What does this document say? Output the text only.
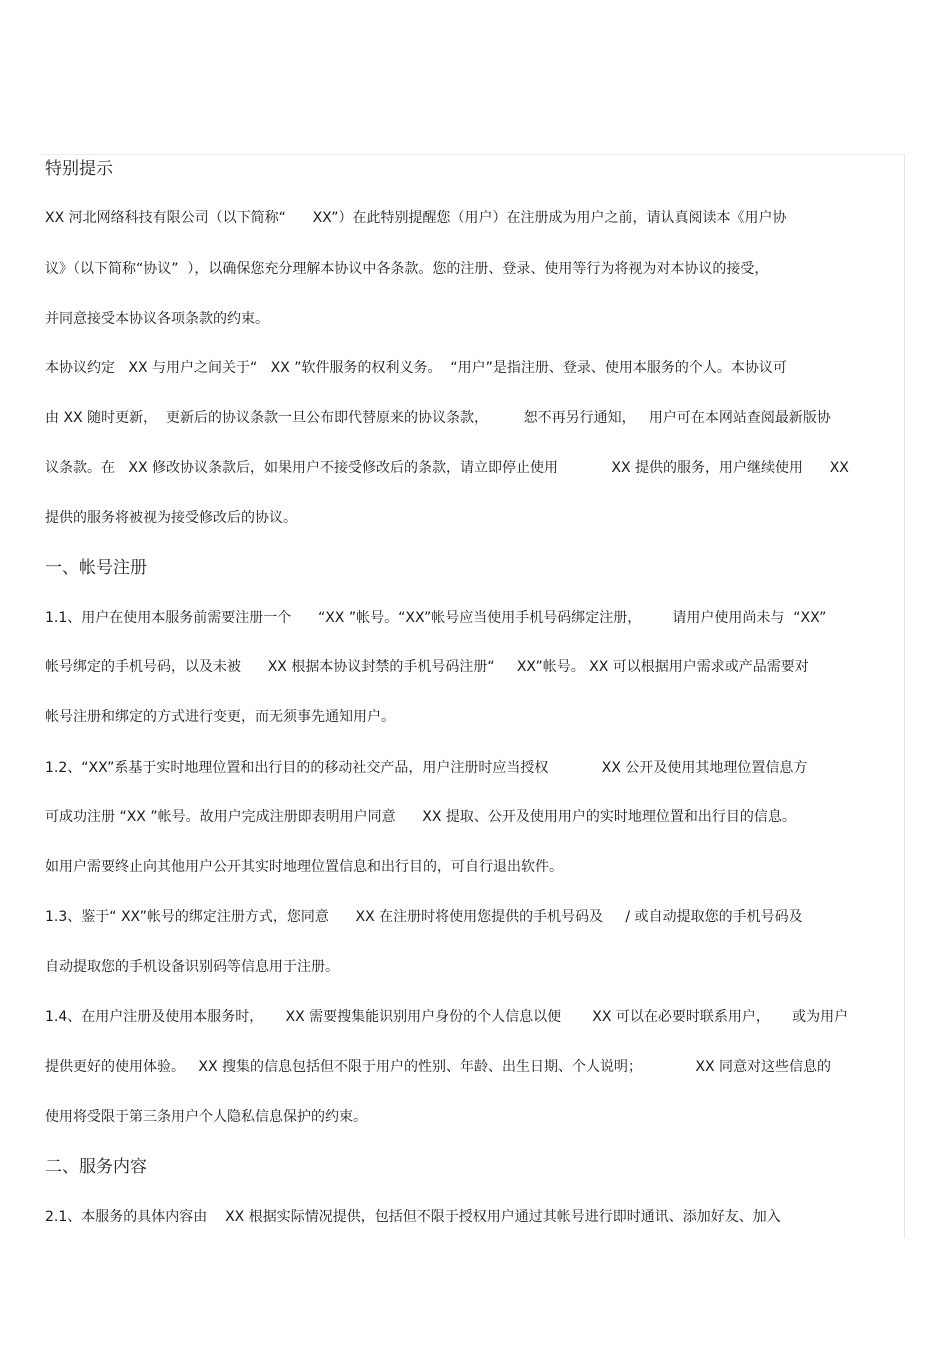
特别提示
XX 河北网络科技有限公司（以下简称“      XX”）在此特别提醒您（用户）在注册成为用户之前，请认真阅读本《用户协
议》（以下简称“协议”  ），以确保您充分理解本协议中各条款。您的注册、登录、使用等行为将视为对本协议的接受，
并同意接受本协议各项条款的约束。
本协议约定   XX 与用户之间关于“   XX ”软件服务的权利义务。  “用户”是指注册、登录、使用本服务的个人。本协议可
由 XX 随时更新，  更新后的协议条款一旦公布即代替原来的协议条款，        恕不再另行通知，   用户可在本网站查阅最新版协
议条款。在   XX 修改协议条款后，如果用户不接受修改后的条款，请立即停止使用            XX 提供的服务，用户继续使用      XX
提供的服务将被视为接受修改后的协议。
一、帐号注册
1.1、用户在使用本服务前需要注册一个      “XX ”帐号。“XX”帐号应当使用手机号码绑定注册，       请用户使用尚未与  “XX”
帐号绑定的手机号码，以及未被      XX 根据本协议封禁的手机号码注册“     XX”帐号。 XX 可以根据用户需求或产品需要对
帐号注册和绑定的方式进行变更，而无须事先通知用户。
1.2、“XX”系基于实时地理位置和出行目的的移动社交产品，用户注册时应当授权            XX 公开及使用其地理位置信息方
可成功注册 “XX ”帐号。故用户完成注册即表明用户同意      XX 提取、公开及使用用户的实时地理位置和出行目的信息。
如用户需要终止向其他用户公开其实时地理位置信息和出行目的，可自行退出软件。
1.3、鉴于“ XX”帐号的绑定注册方式，您同意      XX 在注册时将使用您提供的手机号码及     / 或自动提取您的手机号码及
自动提取您的手机设备识别码等信息用于注册。
1.4、在用户注册及使用本服务时，     XX 需要搜集能识别用户身份的个人信息以便       XX 可以在必要时联系用户，     或为用户
提供更好的使用体验。   XX 搜集的信息包括但不限于用户的性别、年龄、出生日期、个人说明；            XX 同意对这些信息的
使用将受限于第三条用户个人隐私信息保护的约束。
二、服务内容
2.1、本服务的具体内容由    XX 根据实际情况提供，包括但不限于授权用户通过其帐号进行即时通讯、添加好友、加入
